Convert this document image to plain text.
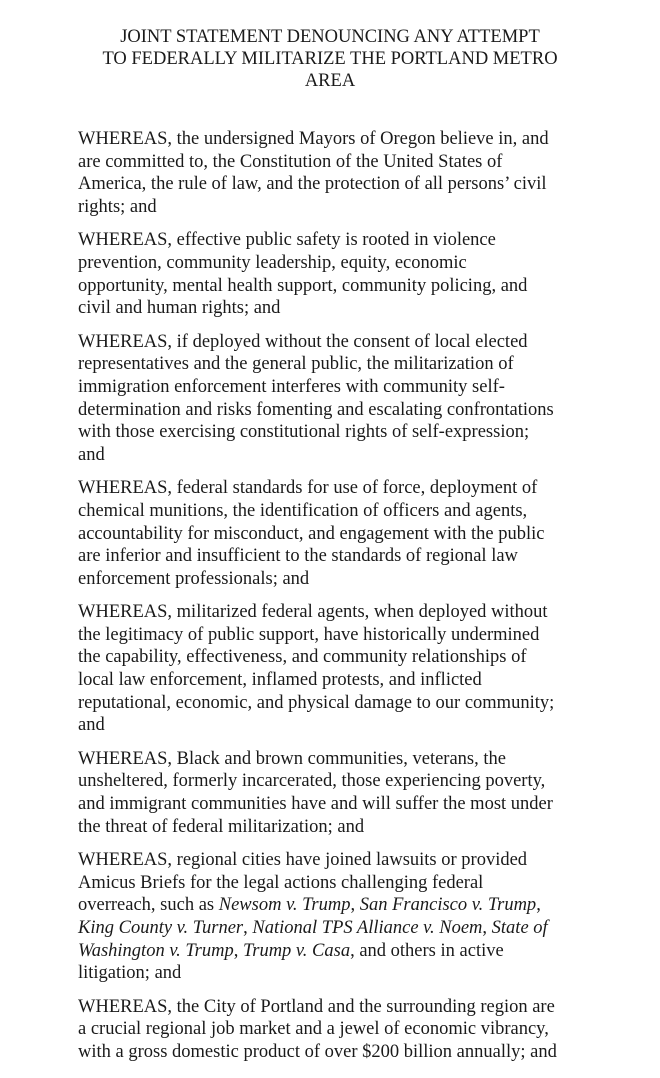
JOINT STATEMENT DENOUNCING ANY ATTEMPT
TO FEDERALLY MILITARIZE THE PORTLAND METRO
AREA

WHEREAS, the undersigned Mayors of Oregon believe in, and
are committed to, the Constitution of the United States of
America, the rule of law, and the protection of all persons’ civil
rights; and

WHEREAS, effective public safety is rooted in violence
prevention, community leadership, equity, economic
opportunity, mental health support, community policing, and
civil and human rights; and

WHEREAS, if deployed without the consent of local elected
representatives and the general public, the militarization of
immigration enforcement interferes with community self-
determination and risks fomenting and escalating confrontations
with those exercising constitutional rights of self-expression;
and

WHEREAS, federal standards for use of force, deployment of
chemical munitions, the identification of officers and agents,
accountability for misconduct, and engagement with the public
are inferior and insufficient to the standards of regional law
enforcement professionals; and

WHEREAS, militarized federal agents, when deployed without
the legitimacy of public support, have historically undermined
the capability, effectiveness, and community relationships of
local law enforcement, inflamed protests, and inflicted
reputational, economic, and physical damage to our community;
and

WHEREAS, Black and brown communities, veterans, the
unsheltered, formerly incarcerated, those experiencing poverty,
and immigrant communities have and will suffer the most under
the threat of federal militarization; and

WHEREAS, regional cities have joined lawsuits or provided
Amicus Briefs for the legal actions challenging federal
overreach, such as Newsom v. Trump, San Francisco v. Trump,
King County v. Turner, National TPS Alliance v. Noem, State of
Washington v. Trump, Trump v. Casa, and others in active
litigation; and

WHEREAS, the City of Portland and the surrounding region are
a crucial regional job market and a jewel of economic vibrancy,
with a gross domestic product of over $200 billion annually; and
